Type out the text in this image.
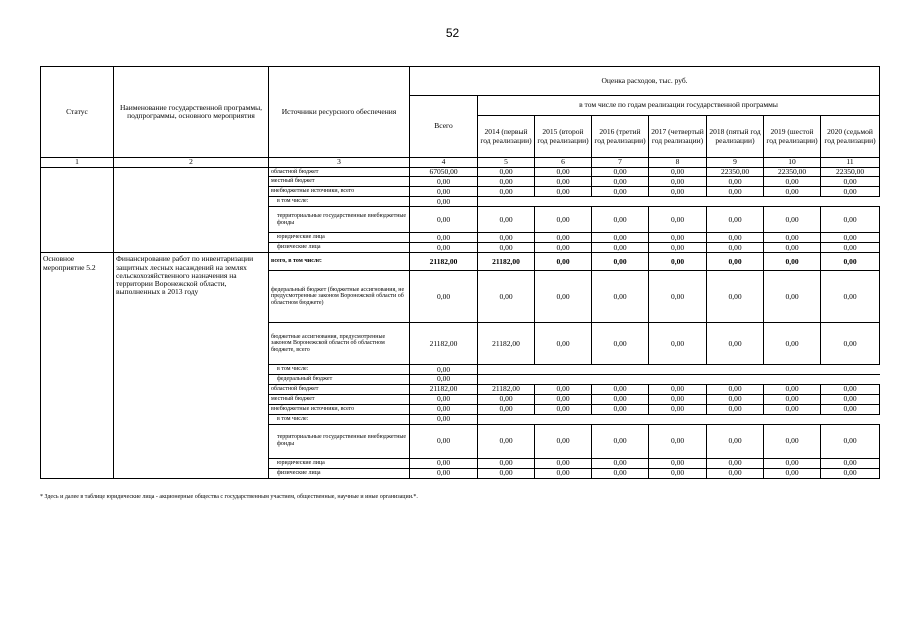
52
Статус	Наименование государственной программы, подпрограммы, основного мероприятия	Источники ресурсного обеспечения	Оценка расходов, тыс. руб.							
			Всего	в том числе по годам реализации государственной программы						
				2014 (первый год реализации)	2015 (второй год реализации)	2016 (третий год реализации)	2017 (четвертый год реализации)	2018 (пятый год реализации)	2019 (шестой год реализации)	2020 (седьмой год реализации)
1	2	3	4	5	6	7	8	9	10	11
		областной бюджет	67050,00	0,00	0,00	0,00	0,00	22350,00	22350,00	22350,00
		местный бюджет	0,00	0,00	0,00	0,00	0,00	0,00	0,00	0,00
		внебюджетные источники, всего	0,00	0,00	0,00	0,00	0,00	0,00	0,00	0,00
		в том числе:	0,00							
		территориальные государственные внебюджетные фонды	0,00	0,00	0,00	0,00	0,00	0,00	0,00	0,00
		юридические лица	0,00	0,00	0,00	0,00	0,00	0,00	0,00	0,00
		физические лица	0,00	0,00	0,00	0,00	0,00	0,00	0,00	0,00
Основное мероприятие 5.2	Финансирование работ по инвентаризации защитных лесных насаждений на землях сельскохозяйственного назначения на территории Воронежской области, выполненных в 2013 году	всего, в том числе:	21182,00	21182,00	0,00	0,00	0,00	0,00	0,00	0,00
		федеральный бюджет (бюджетные ассигнования, не предусмотренные законом Воронежской области об областном бюджете)	0,00	0,00	0,00	0,00	0,00	0,00	0,00	0,00
		бюджетные ассигнования, предусмотренные законом Воронежской области об областном бюджете, всего	21182,00	21182,00	0,00	0,00	0,00	0,00	0,00	0,00
		в том числе:	0,00							
		федеральный бюджет	0,00							
		областной бюджет	21182,00	21182,00	0,00	0,00	0,00	0,00	0,00	0,00
		местный бюджет	0,00	0,00	0,00	0,00	0,00	0,00	0,00	0,00
		внебюджетные источники, всего	0,00	0,00	0,00	0,00	0,00	0,00	0,00	0,00
		в том числе:	0,00							
		территориальные государственные внебюджетные фонды	0,00	0,00	0,00	0,00	0,00	0,00	0,00	0,00
		юридические лица	0,00	0,00	0,00	0,00	0,00	0,00	0,00	0,00
		физические лица	0,00	0,00	0,00	0,00	0,00	0,00	0,00	0,00
* Здесь и далее в таблице юридические лица - акционерные общества с государственным участием, общественные, научные и иные организации.*.
